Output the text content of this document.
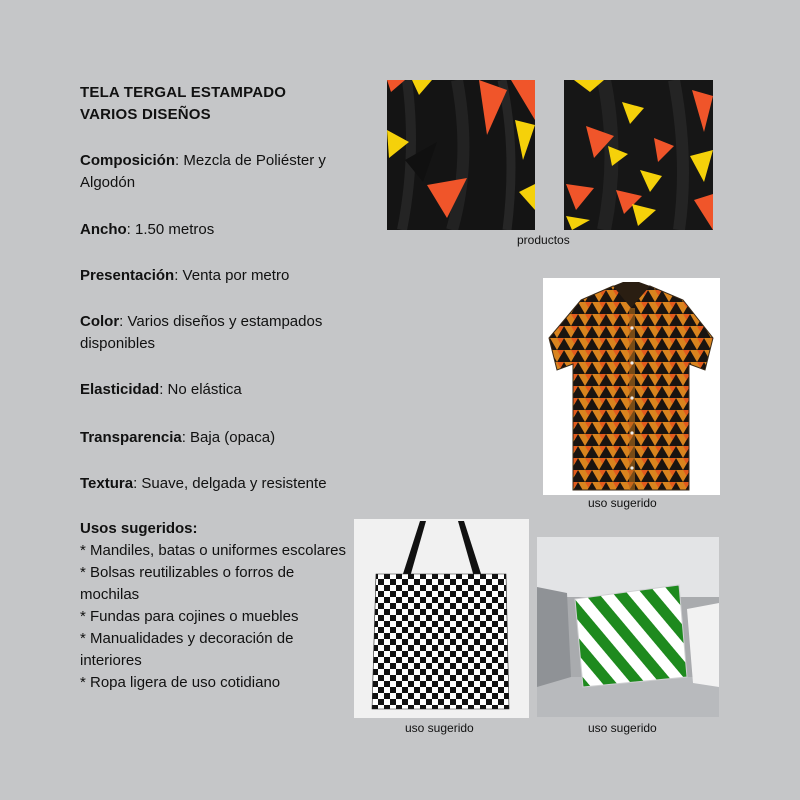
TELA TERGAL ESTAMPADO
VARIOS DISEÑOS
Composición: Mezcla de Poliéster y Algodón
Ancho: 1.50 metros
Presentación: Venta por metro
Color: Varios diseños y estampados disponibles
Elasticidad: No elástica
Transparencia: Baja (opaca)
Textura: Suave, delgada y resistente
Usos sugeridos:
* Mandiles, batas o uniformes escolares
* Bolsas reutilizables o forros de mochilas
* Fundas para cojines o muebles
* Manualidades y decoración de interiores
* Ropa ligera de uso cotidiano
productos
uso sugerido
uso sugerido	uso sugerido
